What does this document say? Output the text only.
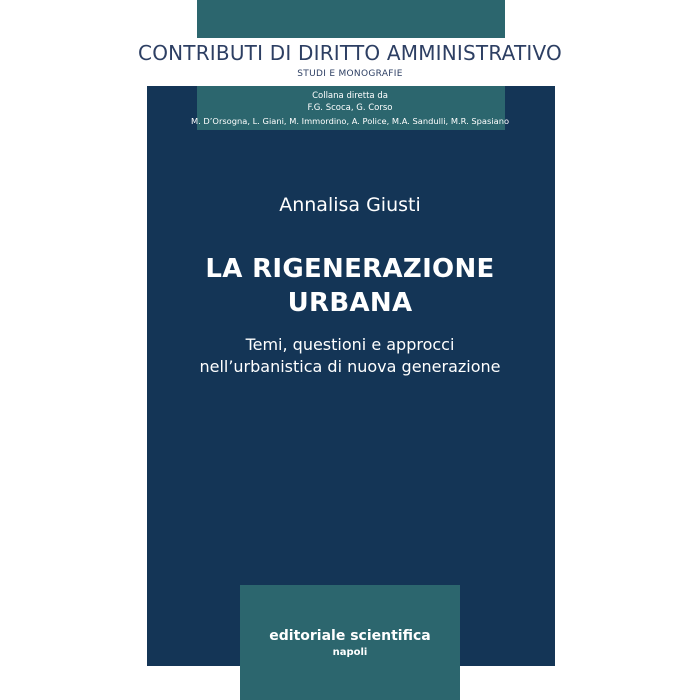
CONTRIBUTI DI DIRITTO AMMINISTRATIVO
STUDI E MONOGRAFIE
Collana diretta da
F.G. Scoca, G. Corso
M. D’Orsogna, L. Giani, M. Immordino, A. Police, M.A. Sandulli, M.R. Spasiano
Annalisa Giusti
LA RIGENERAZIONE
URBANA
Temi, questioni e approcci
nell’urbanistica di nuova generazione
editoriale scientifica
napoli
